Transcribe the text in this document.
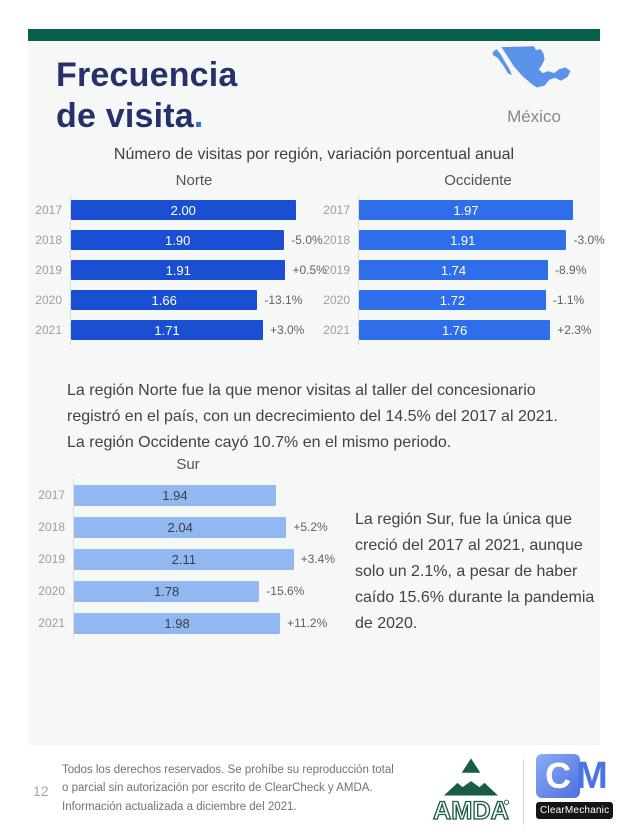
Frecuencia
de visita.	México
Número de visitas por región, variación porcentual anual
Norte
2017	2.00
2018	1.90	-5.0%
2019	1.91	+0.5%
2020	1.66	-13.1%
2021	1.71	+3.0%
Occidente
2017	1.97
2018	1.91	-3.0%
2019	1.74	-8.9%
2020	1.72	-1.1%
2021	1.76	+2.3%
La región Norte fue la que menor visitas al taller del concesionario registró en el país, con un decrecimiento del 14.5% del 2017 al 2021. La región Occidente cayó 10.7% en el mismo periodo.
Sur
2017	1.94
2018	2.04	+5.2%
2019	2.11	+3.4%
2020	1.78	-15.6%
2021	1.98	+11.2%
La región Sur, fue la única que creció del 2017 al 2021, aunque solo un 2.1%, a pesar de haber caído 15.6% durante la pandemia de 2020.
12
Todos los derechos reservados. Se prohíbe su reproducción total o parcial sin autorización por escrito de ClearCheck y AMDA. Información actualizada a diciembre del 2021.	AMDA
C M
ClearMechanic
